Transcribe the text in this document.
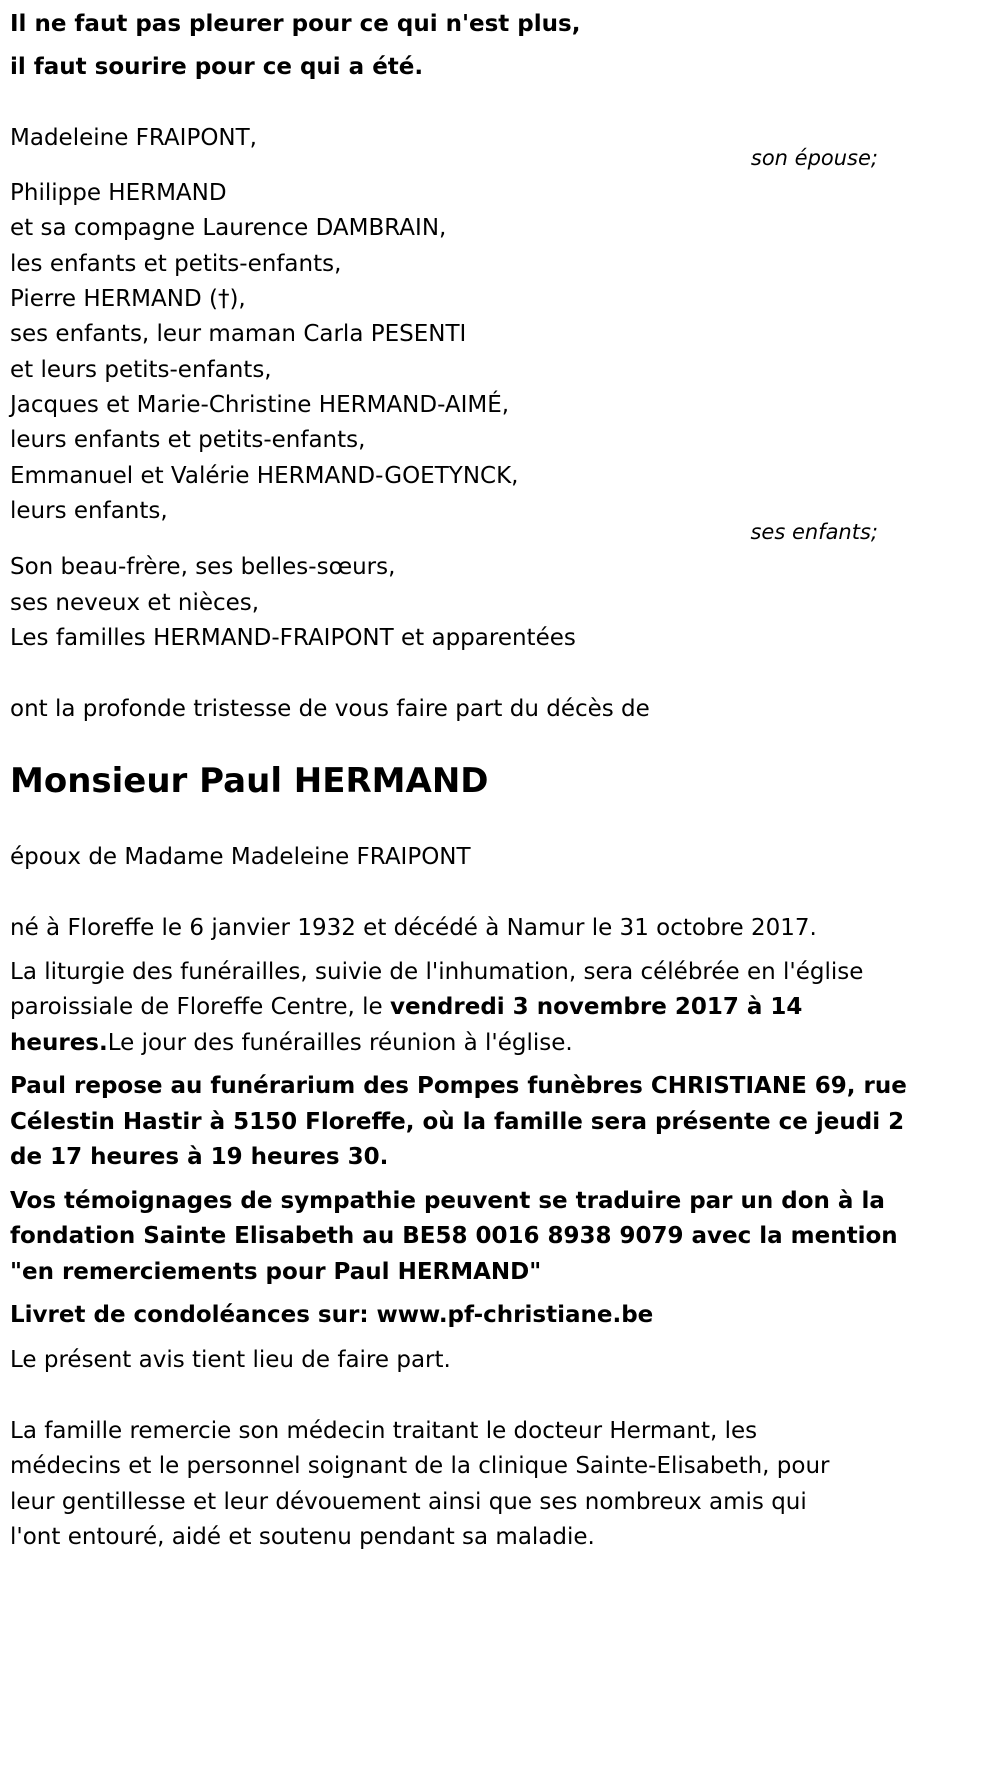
Il ne faut pas pleurer pour ce qui n'est plus,
il faut sourire pour ce qui a été.
Madeleine FRAIPONT,
son épouse;
Philippe HERMAND
et sa compagne Laurence DAMBRAIN,
les enfants et petits-enfants,
Pierre HERMAND (†),
ses enfants, leur maman Carla PESENTI
et leurs petits-enfants,
Jacques et Marie-Christine HERMAND-AIMÉ,
leurs enfants et petits-enfants,
Emmanuel et Valérie HERMAND-GOETYNCK,
leurs enfants,
ses enfants;
Son beau-frère, ses belles-sœurs,
ses neveux et nièces,
Les familles HERMAND-FRAIPONT et apparentées
ont la profonde tristesse de vous faire part du décès de
Monsieur Paul HERMAND
époux de Madame Madeleine FRAIPONT
né à Floreffe le 6 janvier 1932 et décédé à Namur le 31 octobre 2017.
La liturgie des funérailles, suivie de l'inhumation, sera célébrée en l'église
paroissiale de Floreffe Centre, le vendredi 3 novembre 2017 à 14
heures.Le jour des funérailles réunion à l'église.
Paul repose au funérarium des Pompes funèbres CHRISTIANE 69, rue
Célestin Hastir à 5150 Floreffe, où la famille sera présente ce jeudi 2
de 17 heures à 19 heures 30.
Vos témoignages de sympathie peuvent se traduire par un don à la
fondation Sainte Elisabeth au BE58 0016 8938 9079 avec la mention
"en remerciements pour Paul HERMAND"
Livret de condoléances sur: www.pf-christiane.be
Le présent avis tient lieu de faire part.
La famille remercie son médecin traitant le docteur Hermant, les
médecins et le personnel soignant de la clinique Sainte-Elisabeth, pour
leur gentillesse et leur dévouement ainsi que ses nombreux amis qui
l'ont entouré, aidé et soutenu pendant sa maladie.
